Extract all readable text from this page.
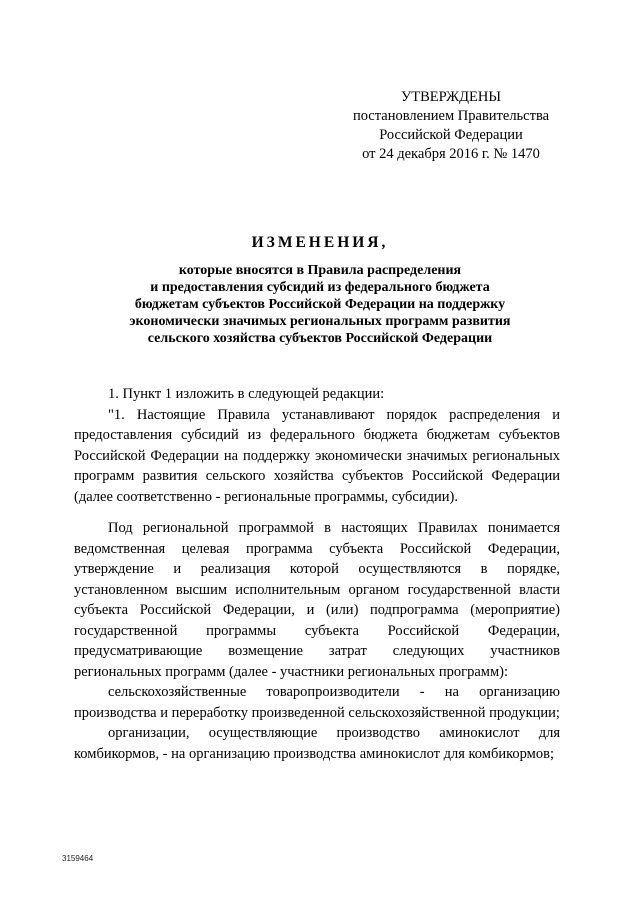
УТВЕРЖДЕНЫ
постановлением Правительства
Российской Федерации
от 24 декабря 2016 г. № 1470
ИЗМЕНЕНИЯ,
которые вносятся в Правила распределения
и предоставления субсидий из федерального бюджета
бюджетам субъектов Российской Федерации на поддержку
экономически значимых региональных программ развития
сельского хозяйства субъектов Российской Федерации

1. Пункт 1 изложить в следующей редакции:

"1. Настоящие Правила устанавливают порядок распределения и предоставления субсидий из федерального бюджета бюджетам субъектов Российской Федерации на поддержку экономически значимых региональных программ развития сельского хозяйства субъектов Российской Федерации (далее соответственно - региональные программы, субсидии).

Под региональной программой в настоящих Правилах понимается ведомственная целевая программа субъекта Российской Федерации, утверждение и реализация которой осуществляются в порядке, установленном высшим исполнительным органом государственной власти субъекта Российской Федерации, и (или) подпрограмма (мероприятие) государственной программы субъекта Российской Федерации, предусматривающие возмещение затрат следующих участников региональных программ (далее - участники региональных программ):

сельскохозяйственные товаропроизводители - на организацию производства и переработку произведенной сельскохозяйственной продукции;

организации, осуществляющие производство аминокислот для комбикормов, - на организацию производства аминокислот для комбикормов;

3159464
